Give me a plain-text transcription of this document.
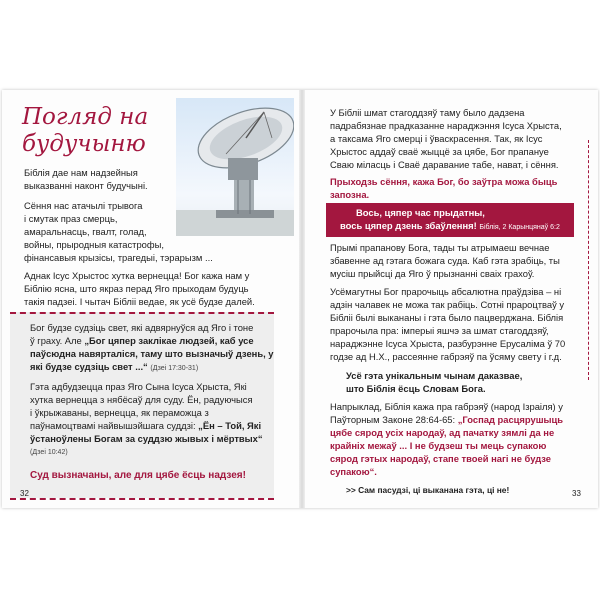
Погляд на
будучыню

Біблія дае нам надзейныя

выказванні наконт будучыні.

Сёння нас атачылі трывога

і смутак праз смерць,

амаральнасць, гвалт, голад,

войны, прыродныя катастрофы,

фінансавыя крызісы, трагедыі, тэрарызм ...

Аднак Ісус Хрыстос хутка вернецца! Бог кажа нам у

Біблію ясна, што якраз перад Яго прыходам будуць

такія падзеі. І чытач Бібліі ведае, як усё будзе далей.

Бог будзе судзіць свет, які адвярнуўся ад Яго і тоне

ў граху. Але „Бог цяпер заклікае людзей, каб усе

паўсюдна навярталіся, таму што вызначыў дзень, у

які будзе судзіць свет ...“ (Дзеі 17:30-31)

Гэта адбудзецца праз Яго Сына Ісуса Хрыста, Які

хутка вернецца з нябёсаў для суду. Ён, радуючыся

і ўкрыжаваны, вернецца, як пераможца з

паўнамоцтвамі найвышэйшага суддзі: „Ён – Той, Які

ўстаноўлены Богам за суддзю жывых і мёртвых“

(Дзеі 10:42)

Суд вызначаны, але для цябе ёсць надзея!

32

У Бібліі шмат стагоддзяў таму было дадзена

падрабязнае прадказанне нараджэння Ісуса Хрыста,

а таксама Яго смерці і ўваскрасення. Так, як Ісус

Хрыстос аддаў сваё жыццё за цябе, Бог прапануе

Сваю міласць і Сваё даравание табе, нават, і сёння.

Прыходзь сёння, кажа Бог, бо заўтра можа быць

запозна.

Вось, цяпер час прыдатны,

вось цяпер дзень збаўлення! Біблія, 2 Карынцянаў 6:2

Прымі прапанову Бога, тады ты атрымаеш вечнае

збавенне ад гэтага божага суда. Каб гэта зрабіць, ты

мусіш прыйсці да Яго ў прызнанні сваіх грахоў.

Усёмагутны Бог прарочыць абсалютна праўдзіва – ні

адзін чалавек не можа так рабіць. Сотні прароцтваў у

Бібліі былі выкананы і гэта было пацверджана. Біблія

прарочыла пра: імперыі яшчэ за шмат стагоддзяў,

нараджэнне Ісуса Хрыста, разбурэнне Ерусаліма ў 70

годзе ад Н.Х., рассеянне габрэяў па ўсяму свету і г.д.

Усё гэта унікальным чынам даказвае,

што Біблія ёсць Словам Бога.

Напрыклад, Біблія кажа пра габрэяў (народ Ізраіля) у

Паўторным Законе 28:64-65: „Госпад расцярушыць

цябе сярод усіх народаў, ад пачатку зямлі да не

крайніх межаў ... І не будзеш ты мець супакою

сярод гэтых народаў, стапе твоей нагі не будзе

супакою“.

>> Сам пасудзі, ці выканана гэта, ці не!	33
